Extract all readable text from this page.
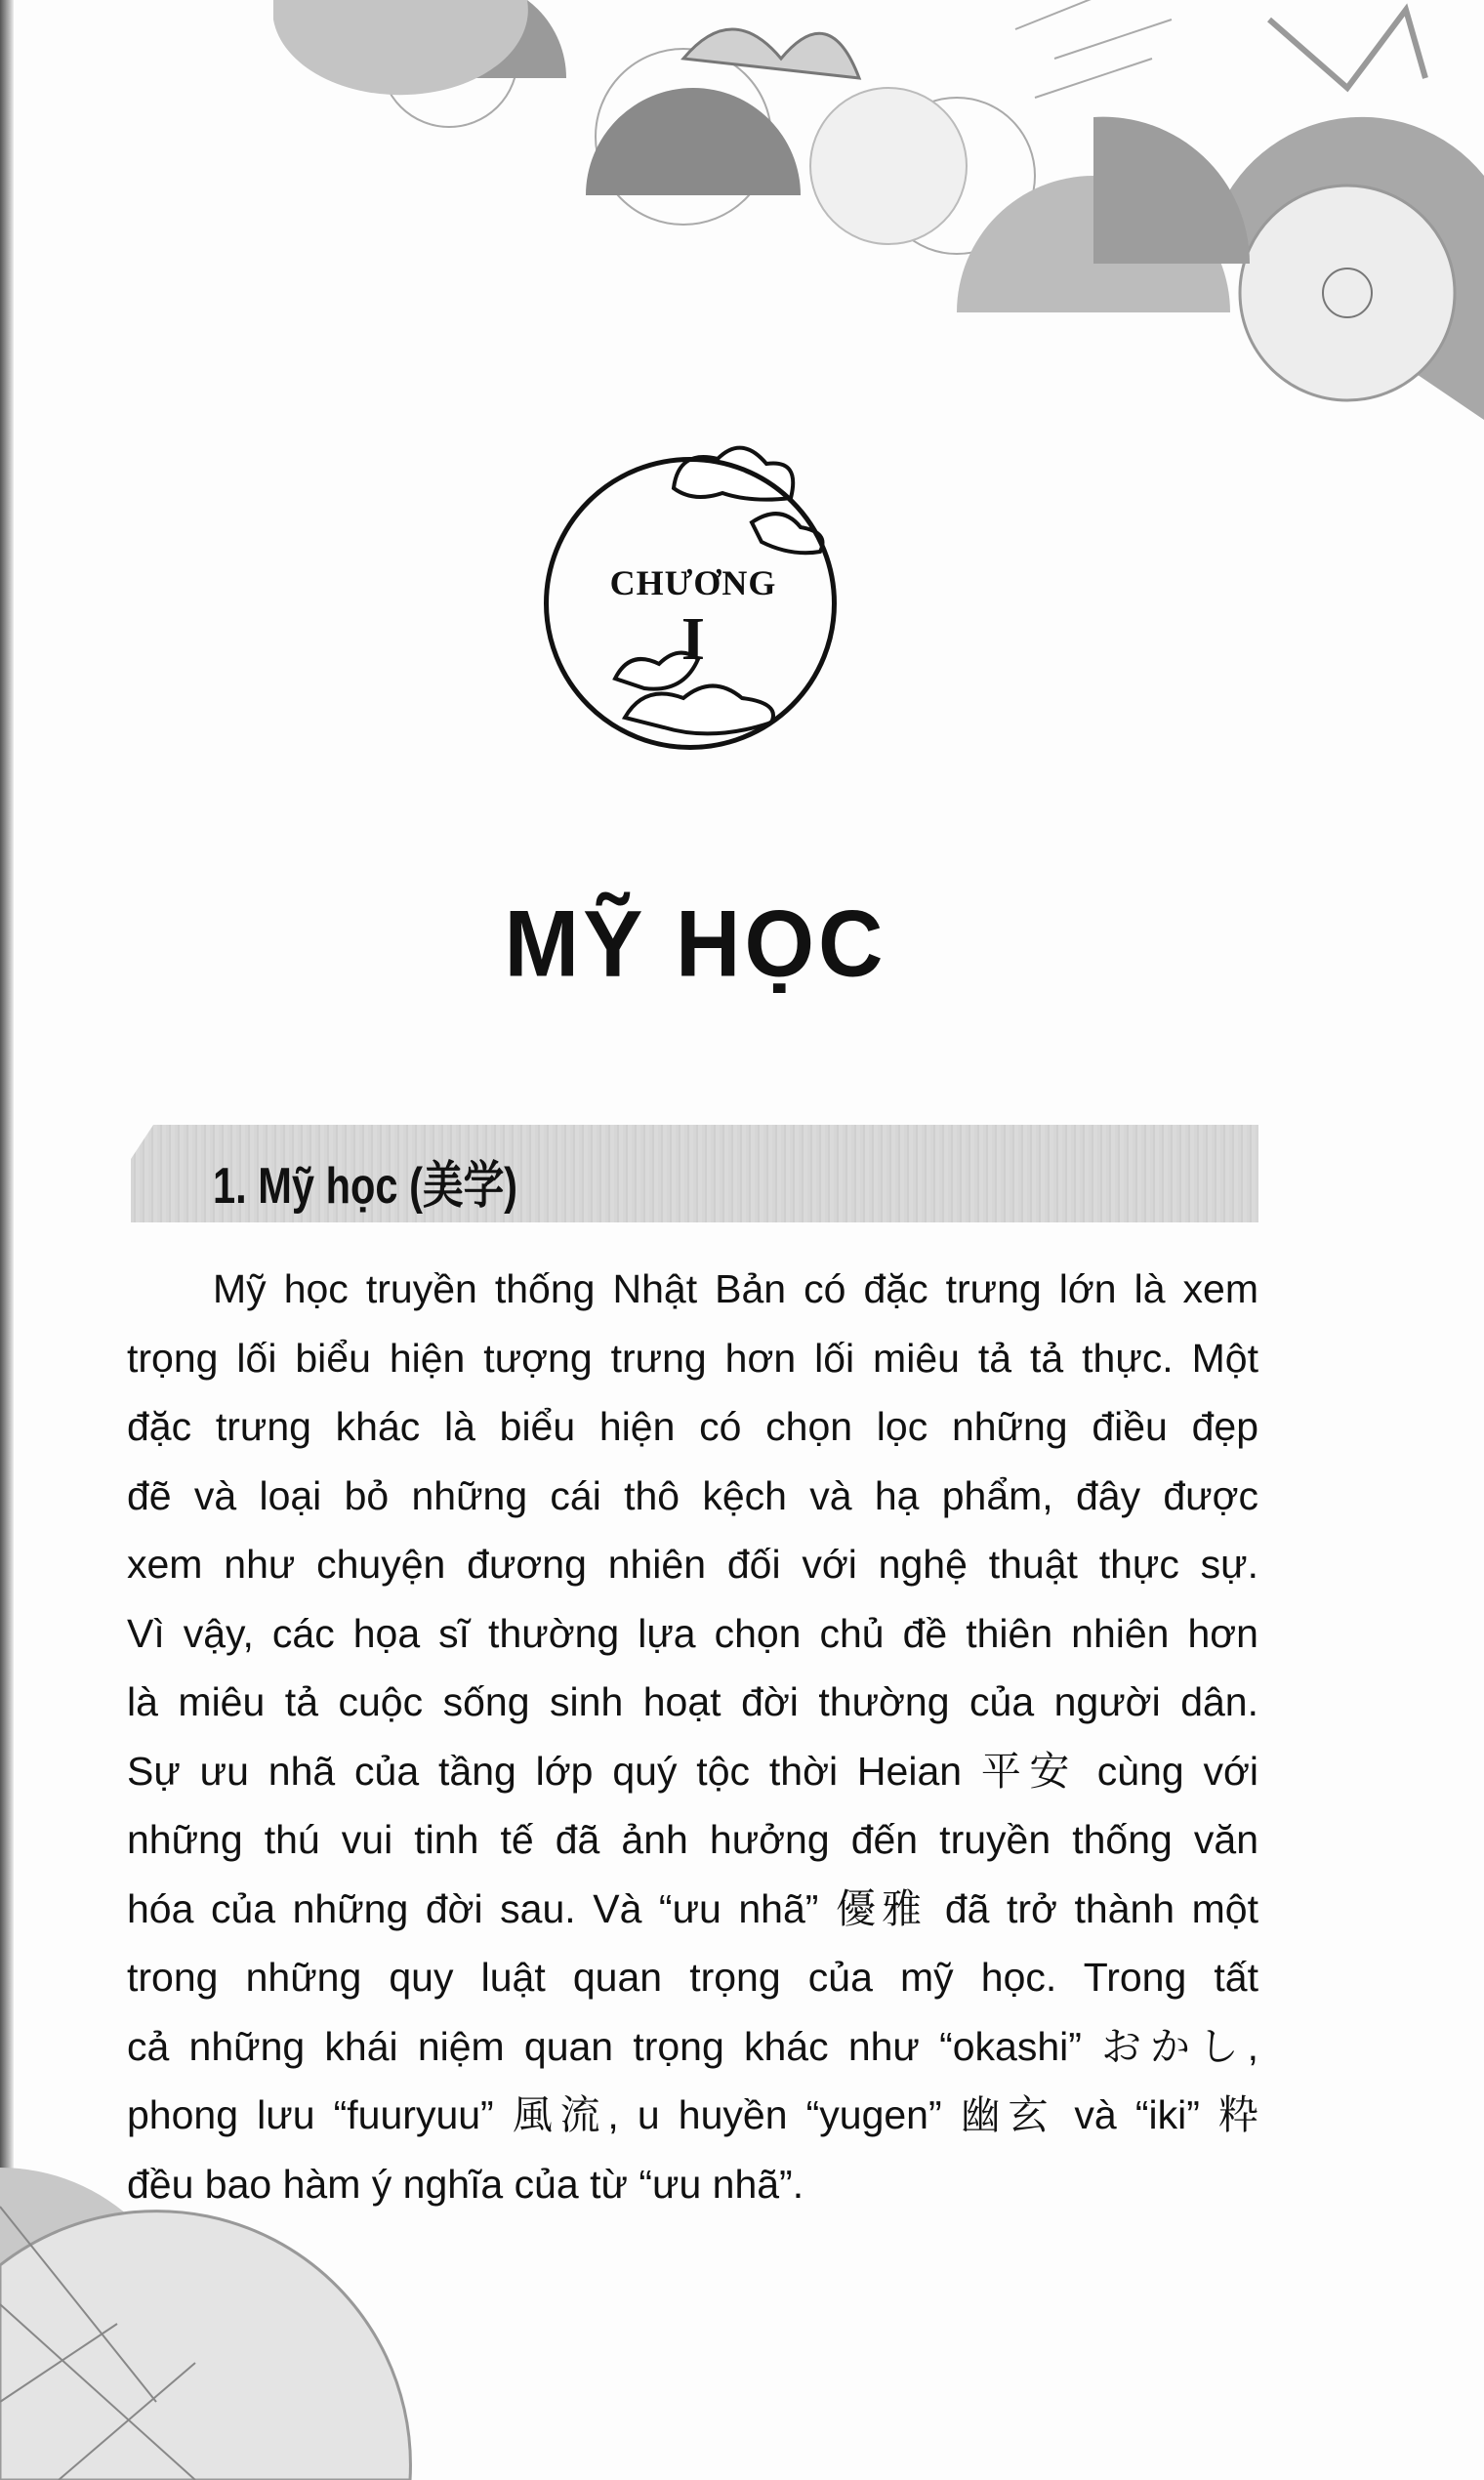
CHƯƠNG
I
MỸ HỌC
1. Mỹ học (美学)
Mỹ học truyền thống Nhật Bản có đặc trưng lớn là xem
trọng lối biểu hiện tượng trưng hơn lối miêu tả tả thực. Một
đặc trưng khác là biểu hiện có chọn lọc những điều đẹp
đẽ và loại bỏ những cái thô kệch và hạ phẩm, đây được
xem như chuyện đương nhiên đối với nghệ thuật thực sự.
Vì vậy, các họa sĩ thường lựa chọn chủ đề thiên nhiên hơn
là miêu tả cuộc sống sinh hoạt đời thường của người dân.
Sự ưu nhã của tầng lớp quý tộc thời Heian 平安 cùng với
những thú vui tinh tế đã ảnh hưởng đến truyền thống văn
hóa của những đời sau. Và “ưu nhã” 優雅 đã trở thành một
trong những quy luật quan trọng của mỹ học. Trong tất
cả những khái niệm quan trọng khác như “okashi” おかし,
phong lưu “fuuryuu” 風流, u huyền “yugen” 幽玄 và “iki” 粋
đều bao hàm ý nghĩa của từ “ưu nhã”.
